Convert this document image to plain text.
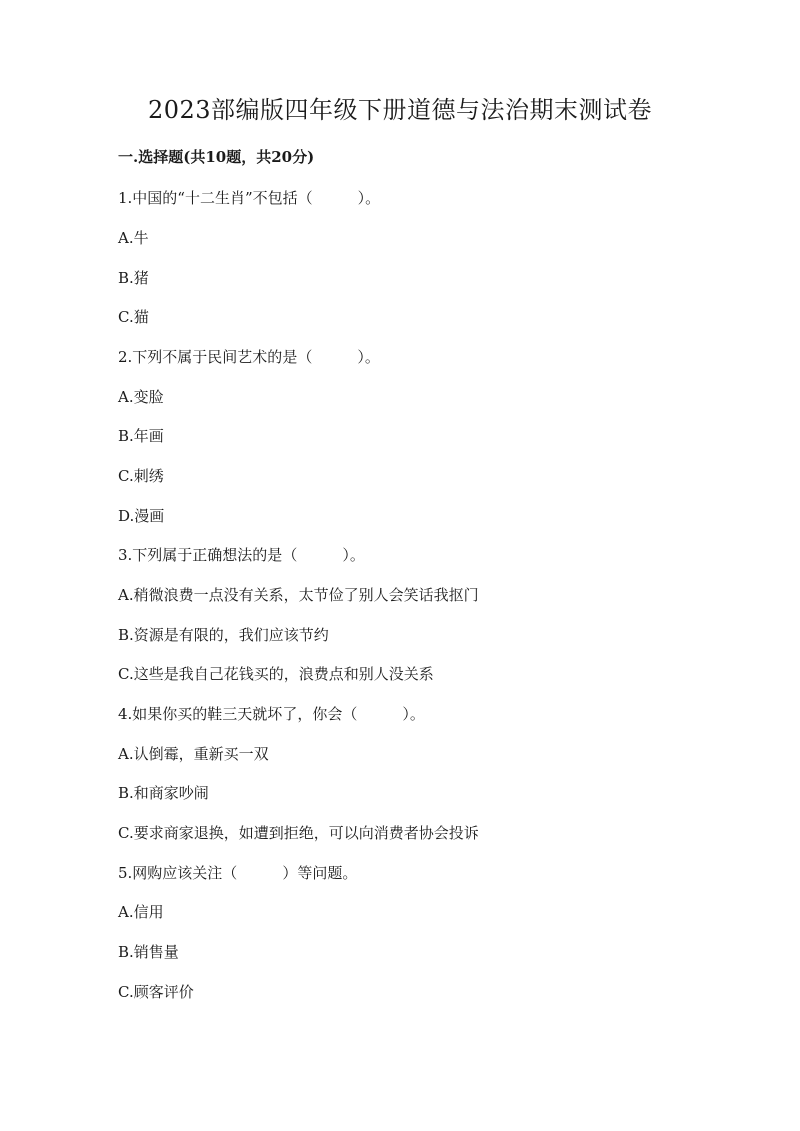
2023部编版四年级下册道德与法治期末测试卷
一.选择题(共10题，共20分)
1.中国的“十二生肖”不包括（　　　）。
A.牛
B.猪
C.猫
2.下列不属于民间艺术的是（　　　）。
A.变脸
B.年画
C.刺绣
D.漫画
3.下列属于正确想法的是（　　　）。
A.稍微浪费一点没有关系，太节俭了别人会笑话我抠门
B.资源是有限的，我们应该节约
C.这些是我自己花钱买的，浪费点和别人没关系
4.如果你买的鞋三天就坏了，你会（　　　）。
A.认倒霉，重新买一双
B.和商家吵闹
C.要求商家退换，如遭到拒绝，可以向消费者协会投诉
5.网购应该关注（　　　）等问题。
A.信用
B.销售量
C.顾客评价
